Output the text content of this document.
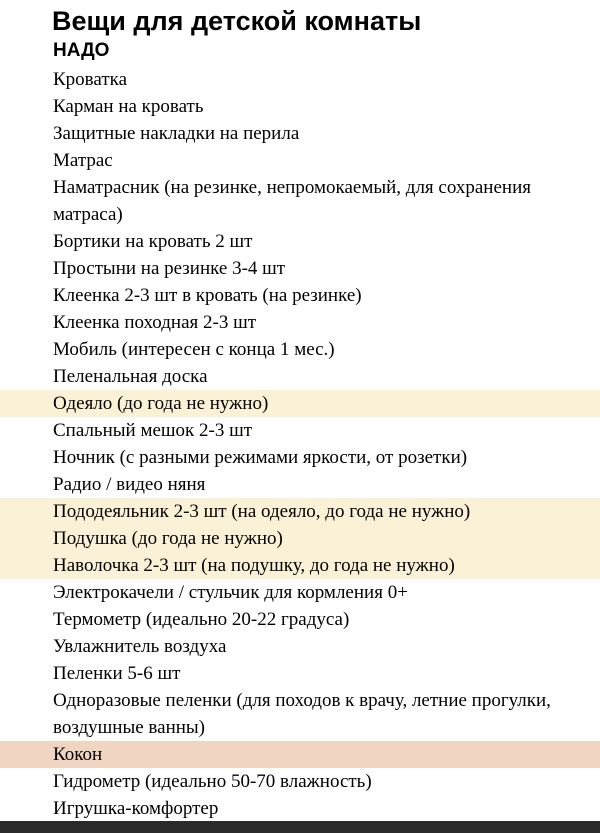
Вещи для детской комнаты
НАДО
Кроватка
Карман на кровать
Защитные накладки на перила
Матрас
Наматрасник (на резинке, непромокаемый, для сохранения матраса)
Бортики на кровать 2 шт
Простыни на резинке 3-4 шт
Клеенка 2-3 шт в кровать (на резинке)
Клеенка походная 2-3 шт
Мобиль (интересен с конца 1 мес.)
Пеленальная доска
Одеяло (до года не нужно)
Спальный мешок 2-3 шт
Ночник (с разными режимами яркости, от розетки)
Радио / видео няня
Пододеяльник 2-3 шт (на одеяло, до года не нужно)
Подушка (до года не нужно)
Наволочка 2-3 шт (на подушку, до года не нужно)
Электрокачели / стульчик для кормления 0+
Термометр (идеально 20-22 градуса)
Увлажнитель воздуха
Пеленки 5-6 шт
Одноразовые пеленки (для походов к врачу, летние прогулки, воздушные ванны)
Кокон
Гидрометр (идеально 50-70 влажность)
Игрушка-комфортер
